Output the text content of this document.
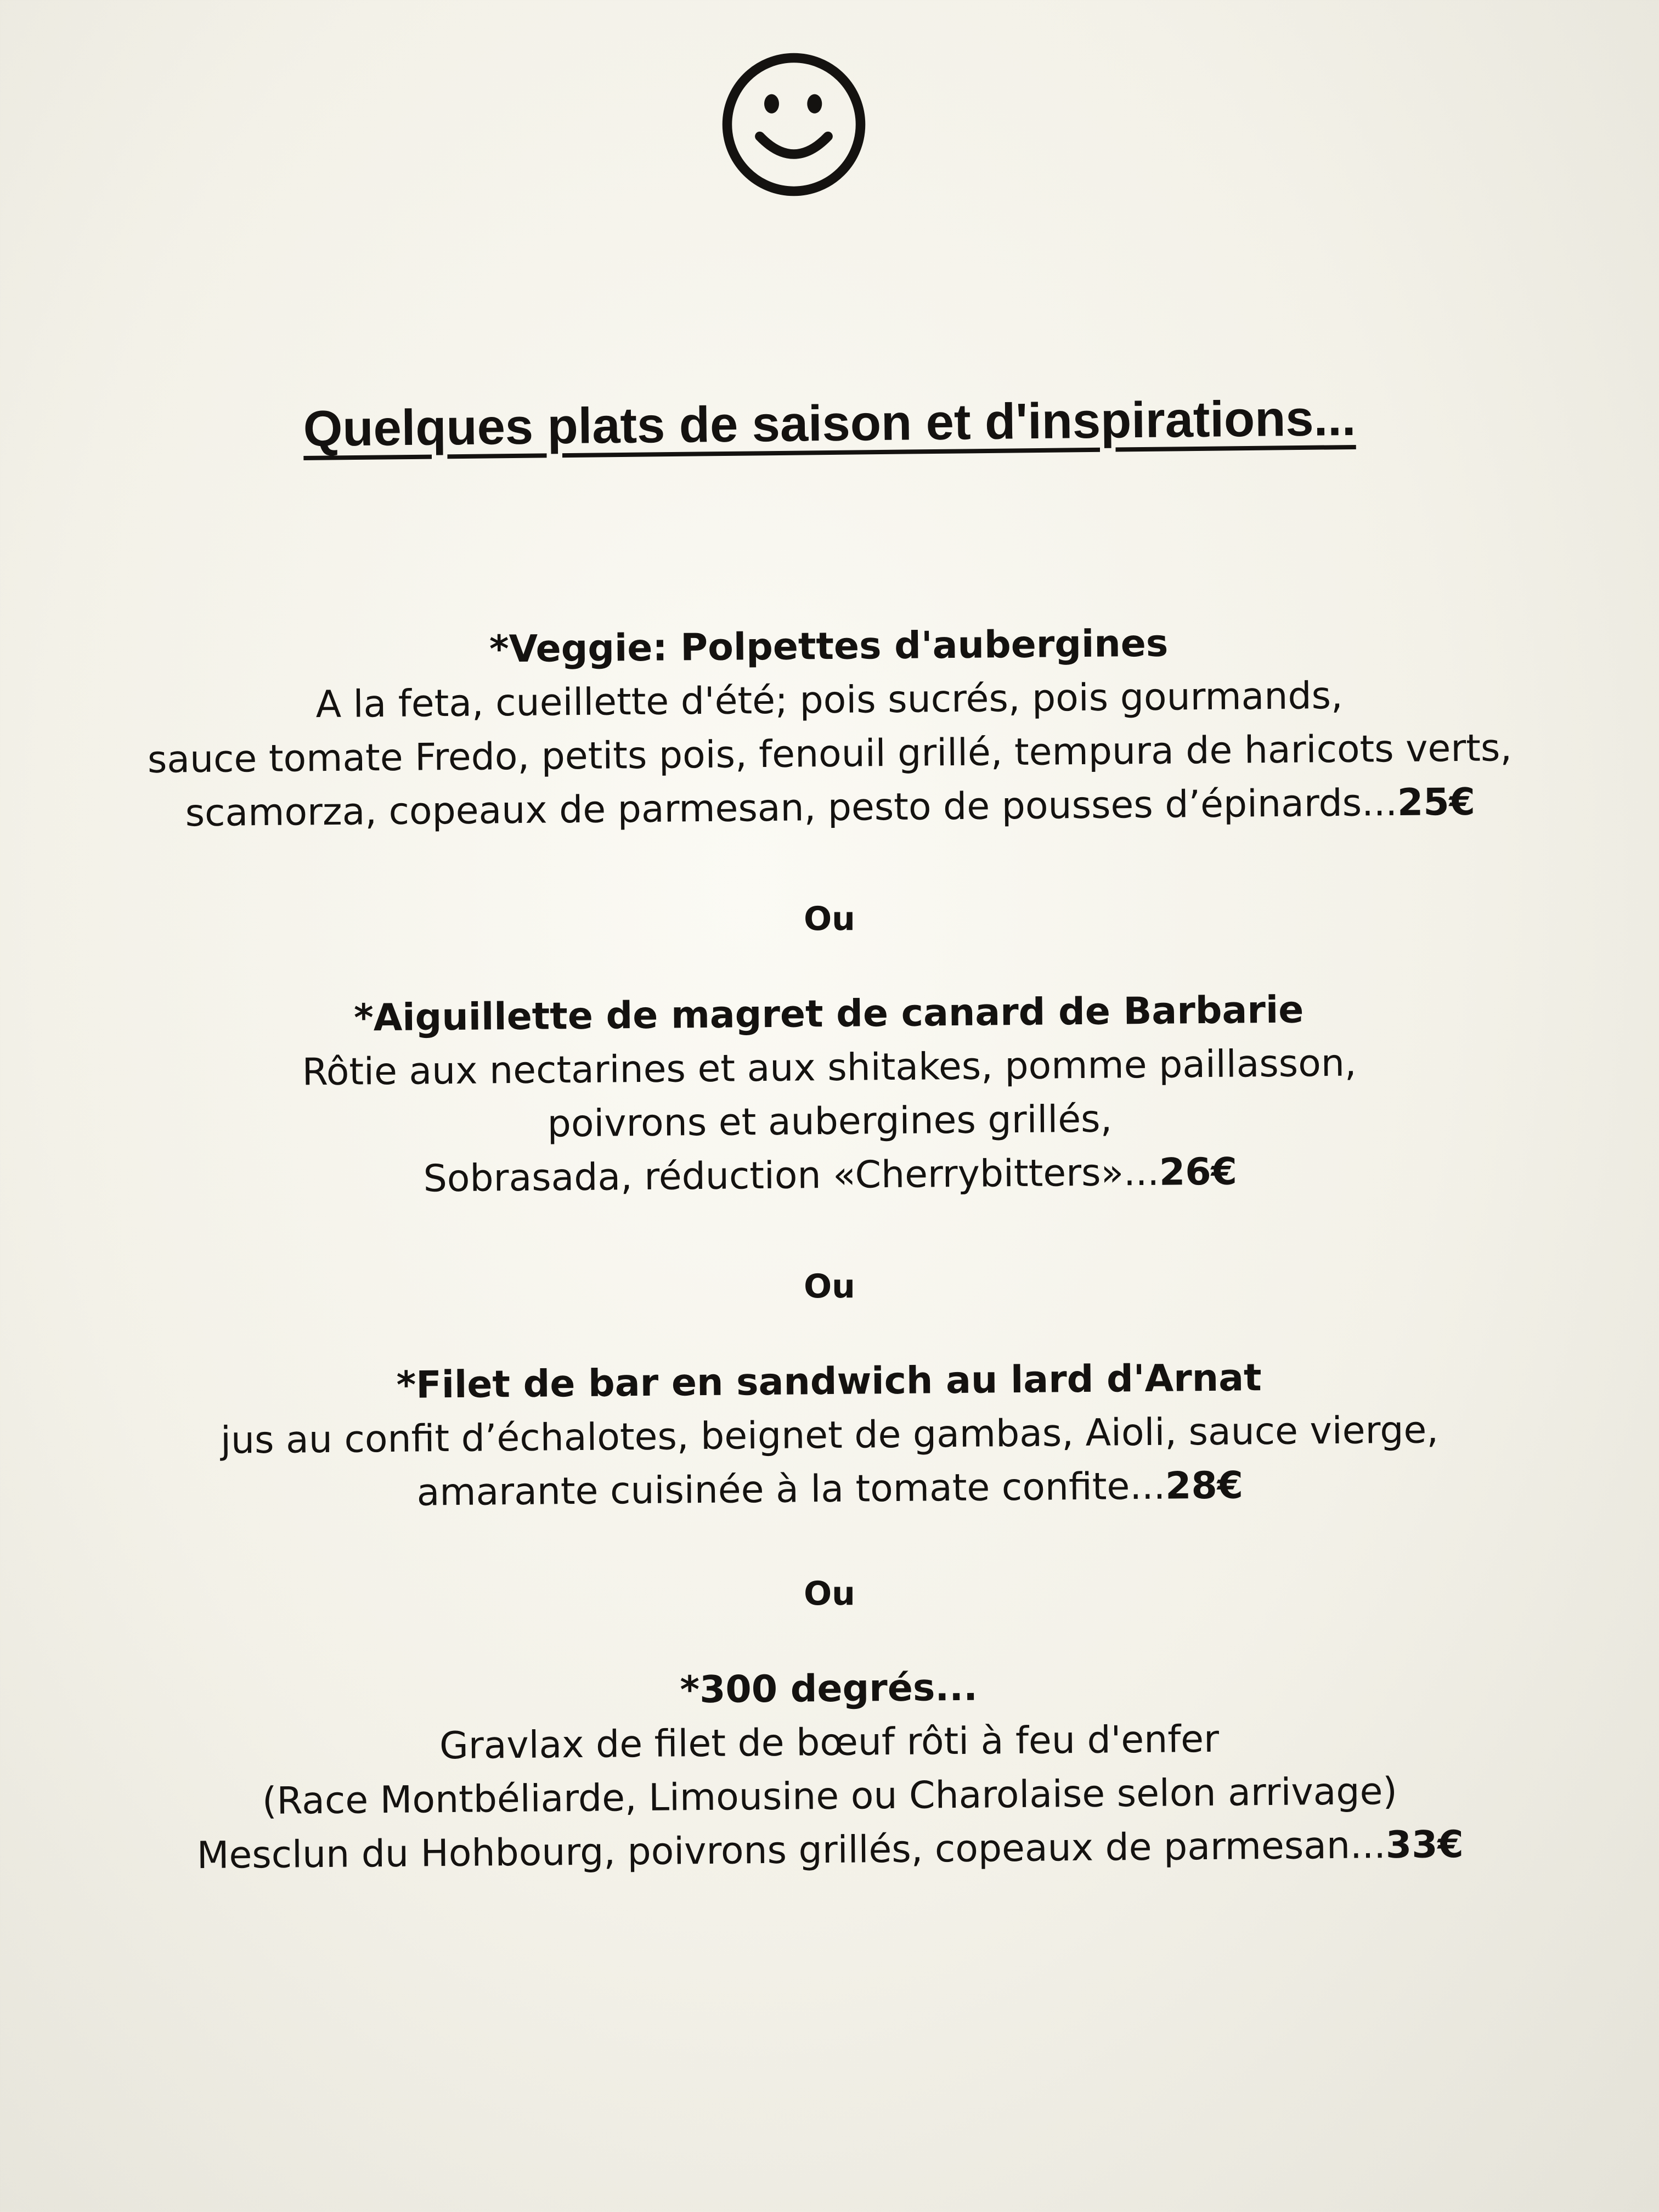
Quelques plats de saison et d'inspirations...
*Veggie: Polpettes d'aubergines
A la feta, cueillette d'été; pois sucrés, pois gourmands,
sauce tomate Fredo, petits pois, fenouil grillé, tempura de haricots verts,
scamorza, copeaux de parmesan, pesto de pousses d’épinards...25€
Ou
*Aiguillette de magret de canard de Barbarie
Rôtie aux nectarines et aux shitakes, pomme paillasson,
poivrons et aubergines grillés,
Sobrasada, réduction «Cherrybitters»...26€
Ou
*Filet de bar en sandwich au lard d'Arnat
jus au confit d’échalotes, beignet de gambas, Aioli, sauce vierge,
amarante cuisinée à la tomate confite...28€
Ou
*300 degrés...
Gravlax de filet de bœuf rôti à feu d'enfer
(Race Montbéliarde, Limousine ou Charolaise selon arrivage)
Mesclun du Hohbourg, poivrons grillés, copeaux de parmesan...33€
